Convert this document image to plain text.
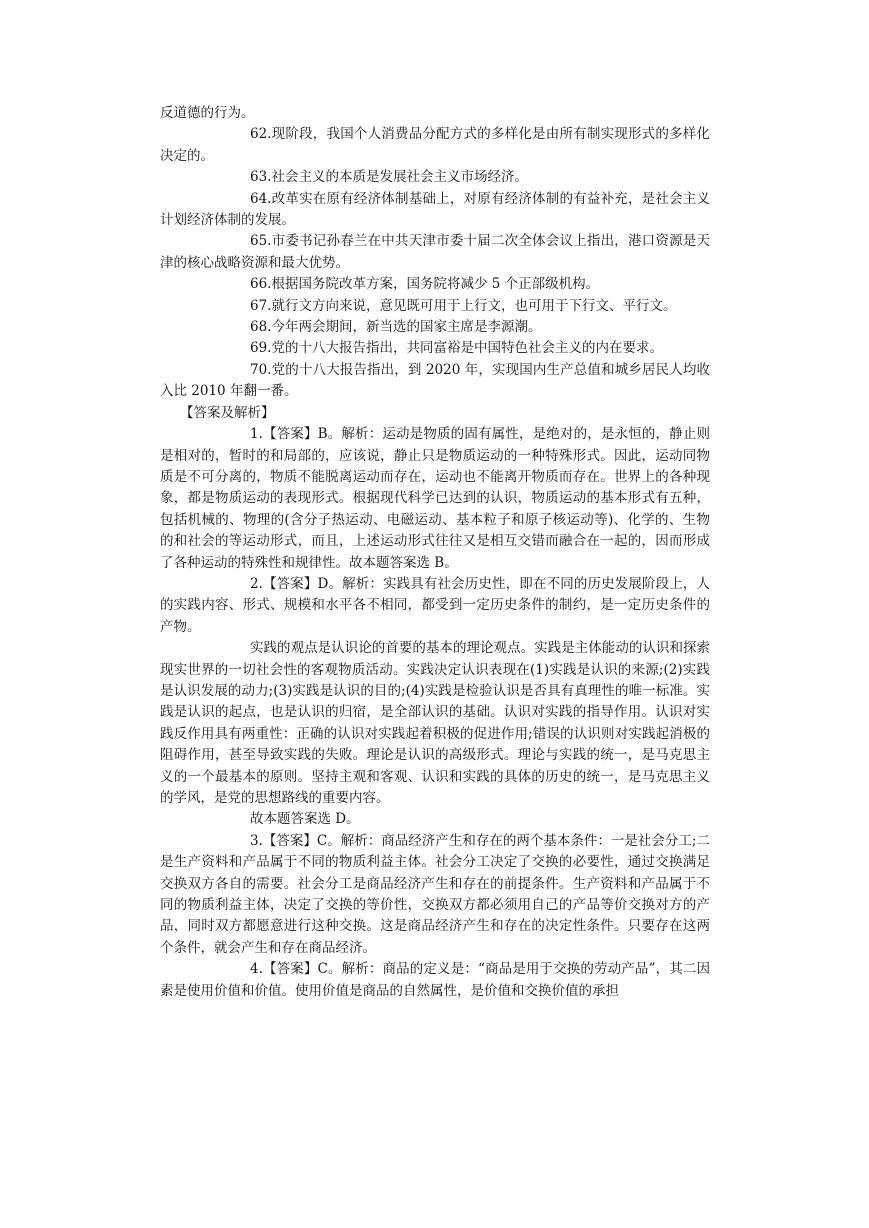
反道德的行为。

62.现阶段，我国个人消费品分配方式的多样化是由所有制实现形式的多样化决定的。

63.社会主义的本质是发展社会主义市场经济。

64.改革实在原有经济体制基础上，对原有经济体制的有益补充，是社会主义计划经济体制的发展。

65.市委书记孙春兰在中共天津市委十届二次全体会议上指出，港口资源是天津的核心战略资源和最大优势。

66.根据国务院改革方案，国务院将减少 5 个正部级机构。

67.就行文方向来说，意见既可用于上行文，也可用于下行文、平行文。

68.今年两会期间，新当选的国家主席是李源潮。

69.党的十八大报告指出，共同富裕是中国特色社会主义的内在要求。

70.党的十八大报告指出，到 2020 年，实现国内生产总值和城乡居民人均收入比 2010 年翻一番。

【答案及解析】

1.【答案】B。解析：运动是物质的固有属性，是绝对的，是永恒的，静止则是相对的，暂时的和局部的，应该说，静止只是物质运动的一种特殊形式。因此，运动同物质是不可分离的，物质不能脱离运动而存在，运动也不能离开物质而存在。世界上的各种现象，都是物质运动的表现形式。根据现代科学已达到的认识，物质运动的基本形式有五种，包括机械的、物理的(含分子热运动、电磁运动、基本粒子和原子核运动等)、化学的、生物的和社会的等运动形式，而且，上述运动形式往往又是相互交错而融合在一起的，因而形成了各种运动的特殊性和规律性。故本题答案选 B。

2.【答案】D。解析：实践具有社会历史性，即在不同的历史发展阶段上，人的实践内容、形式、规模和水平各不相同，都受到一定历史条件的制约，是一定历史条件的产物。

实践的观点是认识论的首要的基本的理论观点。实践是主体能动的认识和探索现实世界的一切社会性的客观物质活动。实践决定认识表现在(1)实践是认识的来源;(2)实践是认识发展的动力;(3)实践是认识的目的;(4)实践是检验认识是否具有真理性的唯一标准。实践是认识的起点，也是认识的归宿，是全部认识的基础。认识对实践的指导作用。认识对实践反作用具有两重性：正确的认识对实践起着积极的促进作用;错误的认识则对实践起消极的阻碍作用，甚至导致实践的失败。理论是认识的高级形式。理论与实践的统一，是马克思主义的一个最基本的原则。坚持主观和客观、认识和实践的具体的历史的统一，是马克思主义的学风，是党的思想路线的重要内容。

故本题答案选 D。

3.【答案】C。解析：商品经济产生和存在的两个基本条件：一是社会分工;二是生产资料和产品属于不同的物质利益主体。社会分工决定了交换的必要性，通过交换满足交换双方各自的需要。社会分工是商品经济产生和存在的前提条件。生产资料和产品属于不同的物质利益主体，决定了交换的等价性，交换双方都必须用自己的产品等价交换对方的产品，同时双方都愿意进行这种交换。这是商品经济产生和存在的决定性条件。只要存在这两个条件，就会产生和存在商品经济。

4.【答案】C。解析：商品的定义是：“商品是用于交换的劳动产品”，其二因素是使用价值和价值。使用价值是商品的自然属性，是价值和交换价值的承担
